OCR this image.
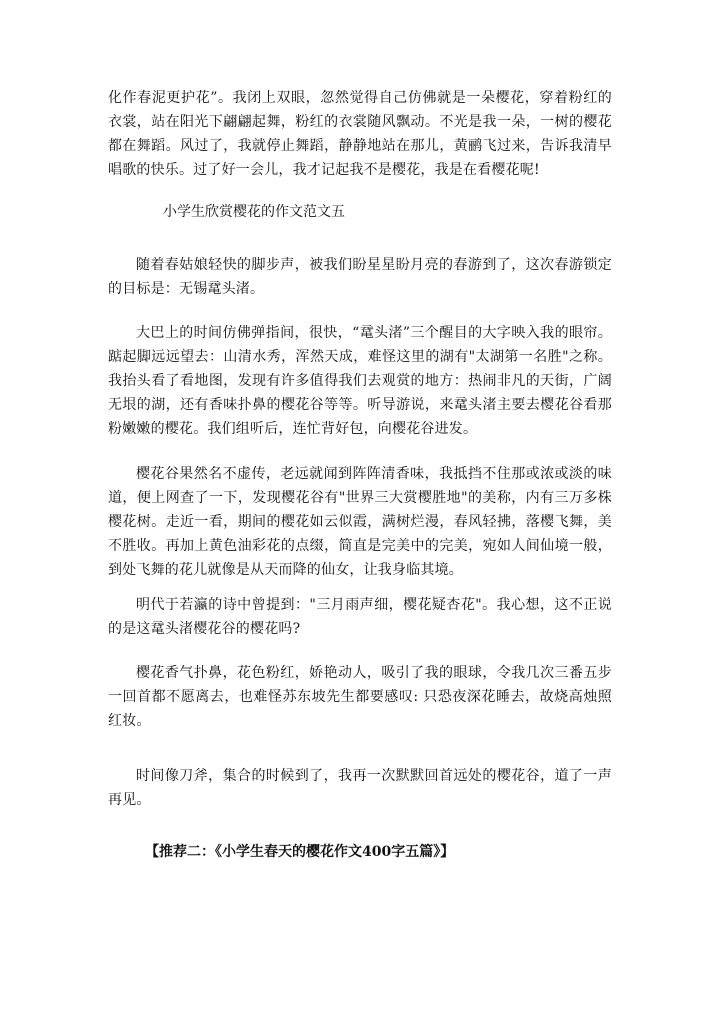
化作春泥更护花”。我闭上双眼，忽然觉得自己仿佛就是一朵樱花，穿着粉红的衣裳，站在阳光下翩翩起舞，粉红的衣裳随风飘动。不光是我一朵，一树的樱花都在舞蹈。风过了，我就停止舞蹈，静静地站在那儿，黄鹂飞过来，告诉我清早唱歌的快乐。过了好一会儿，我才记起我不是樱花，我是在看樱花呢!

小学生欣赏樱花的作文范文五

随着春姑娘轻快的脚步声，被我们盼星星盼月亮的春游到了，这次春游锁定的目标是：无锡鼋头渚。

大巴上的时间仿佛弹指间，很快，“鼋头渚”三个醒目的大字映入我的眼帘。踮起脚远远望去：山清水秀，浑然天成，难怪这里的湖有"太湖第一名胜"之称。我抬头看了看地图，发现有许多值得我们去观赏的地方：热闹非凡的天街，广阔无垠的湖，还有香味扑鼻的樱花谷等等。听导游说，来鼋头渚主要去樱花谷看那粉嫩嫩的樱花。我们组听后，连忙背好包，向樱花谷进发。

樱花谷果然名不虚传，老远就闻到阵阵清香味，我抵挡不住那或浓或淡的味道，便上网查了一下，发现樱花谷有"世界三大赏樱胜地"的美称，内有三万多株樱花树。走近一看，期间的樱花如云似霞，满树烂漫，春风轻拂，落樱飞舞，美不胜收。再加上黄色油彩花的点缀，简直是完美中的完美，宛如人间仙境一般，到处飞舞的花儿就像是从天而降的仙女，让我身临其境。

明代于若瀛的诗中曾提到："三月雨声细，樱花疑杏花"。我心想，这不正说的是这鼋头渚樱花谷的樱花吗?

樱花香气扑鼻，花色粉红，娇艳动人，吸引了我的眼球，令我几次三番五步一回首都不愿离去，也难怪苏东坡先生都要感叹: 只恐夜深花睡去，故烧高烛照红妆。

时间像刀斧，集合的时候到了，我再一次默默回首远处的樱花谷，道了一声再见。

【推荐二：《小学生春天的樱花作文400字五篇》】
